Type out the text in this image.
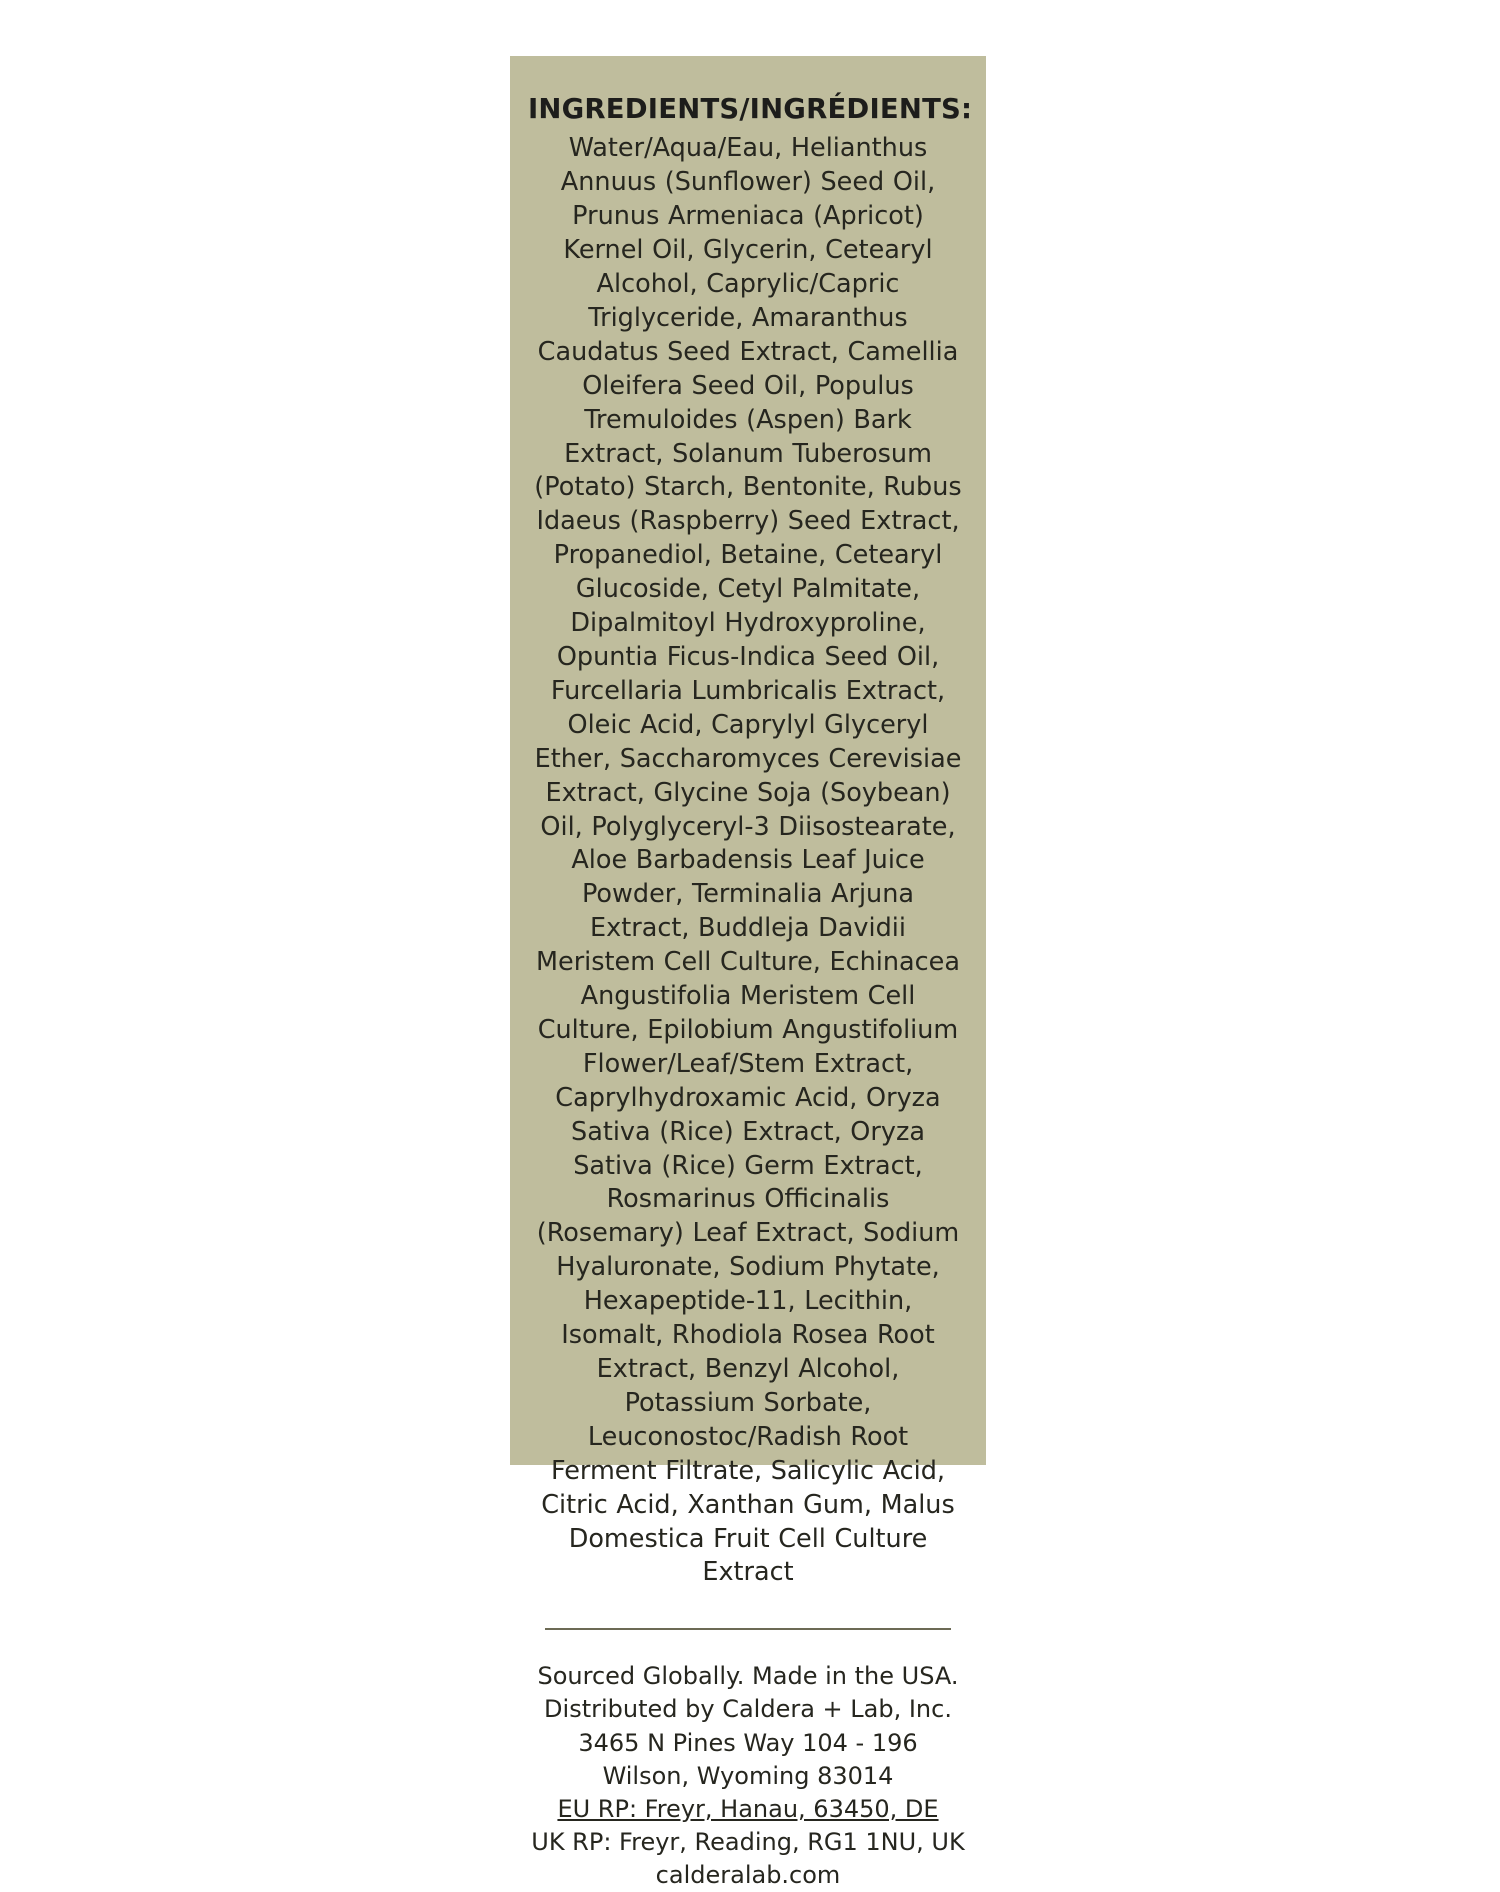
INGREDIENTS/INGRÉDIENTS:
Water/Aqua/Eau, Helianthus Annuus (Sunflower) Seed Oil, Prunus Armeniaca (Apricot) Kernel Oil, Glycerin, Cetearyl Alcohol, Caprylic/Capric Triglyceride, Amaranthus Caudatus Seed Extract, Camellia Oleifera Seed Oil, Populus Tremuloides (Aspen) Bark Extract, Solanum Tuberosum (Potato) Starch, Bentonite, Rubus Idaeus (Raspberry) Seed Extract, Propanediol, Betaine, Cetearyl Glucoside, Cetyl Palmitate, Dipalmitoyl Hydroxyproline, Opuntia Ficus-Indica Seed Oil, Furcellaria Lumbricalis Extract, Oleic Acid, Caprylyl Glyceryl Ether, Saccharomyces Cerevisiae Extract, Glycine Soja (Soybean) Oil, Polyglyceryl-3 Diisostearate, Aloe Barbadensis Leaf Juice Powder, Terminalia Arjuna Extract, Buddleja Davidii Meristem Cell Culture, Echinacea Angustifolia Meristem Cell Culture, Epilobium Angustifolium Flower/Leaf/Stem Extract, Caprylhydroxamic Acid, Oryza Sativa (Rice) Extract, Oryza Sativa (Rice) Germ Extract, Rosmarinus Officinalis (Rosemary) Leaf Extract, Sodium Hyaluronate, Sodium Phytate, Hexapeptide-11, Lecithin, Isomalt, Rhodiola Rosea Root Extract, Benzyl Alcohol, Potassium Sorbate, Leuconostoc/Radish Root Ferment Filtrate, Salicylic Acid, Citric Acid, Xanthan Gum, Malus Domestica Fruit Cell Culture Extract
Sourced Globally. Made in the USA.
Distributed by Caldera + Lab, Inc.
3465 N Pines Way 104 - 196
Wilson, Wyoming 83014
EU RP: Freyr, Hanau, 63450, DE
UK RP: Freyr, Reading, RG1 1NU, UK
calderalab.com
